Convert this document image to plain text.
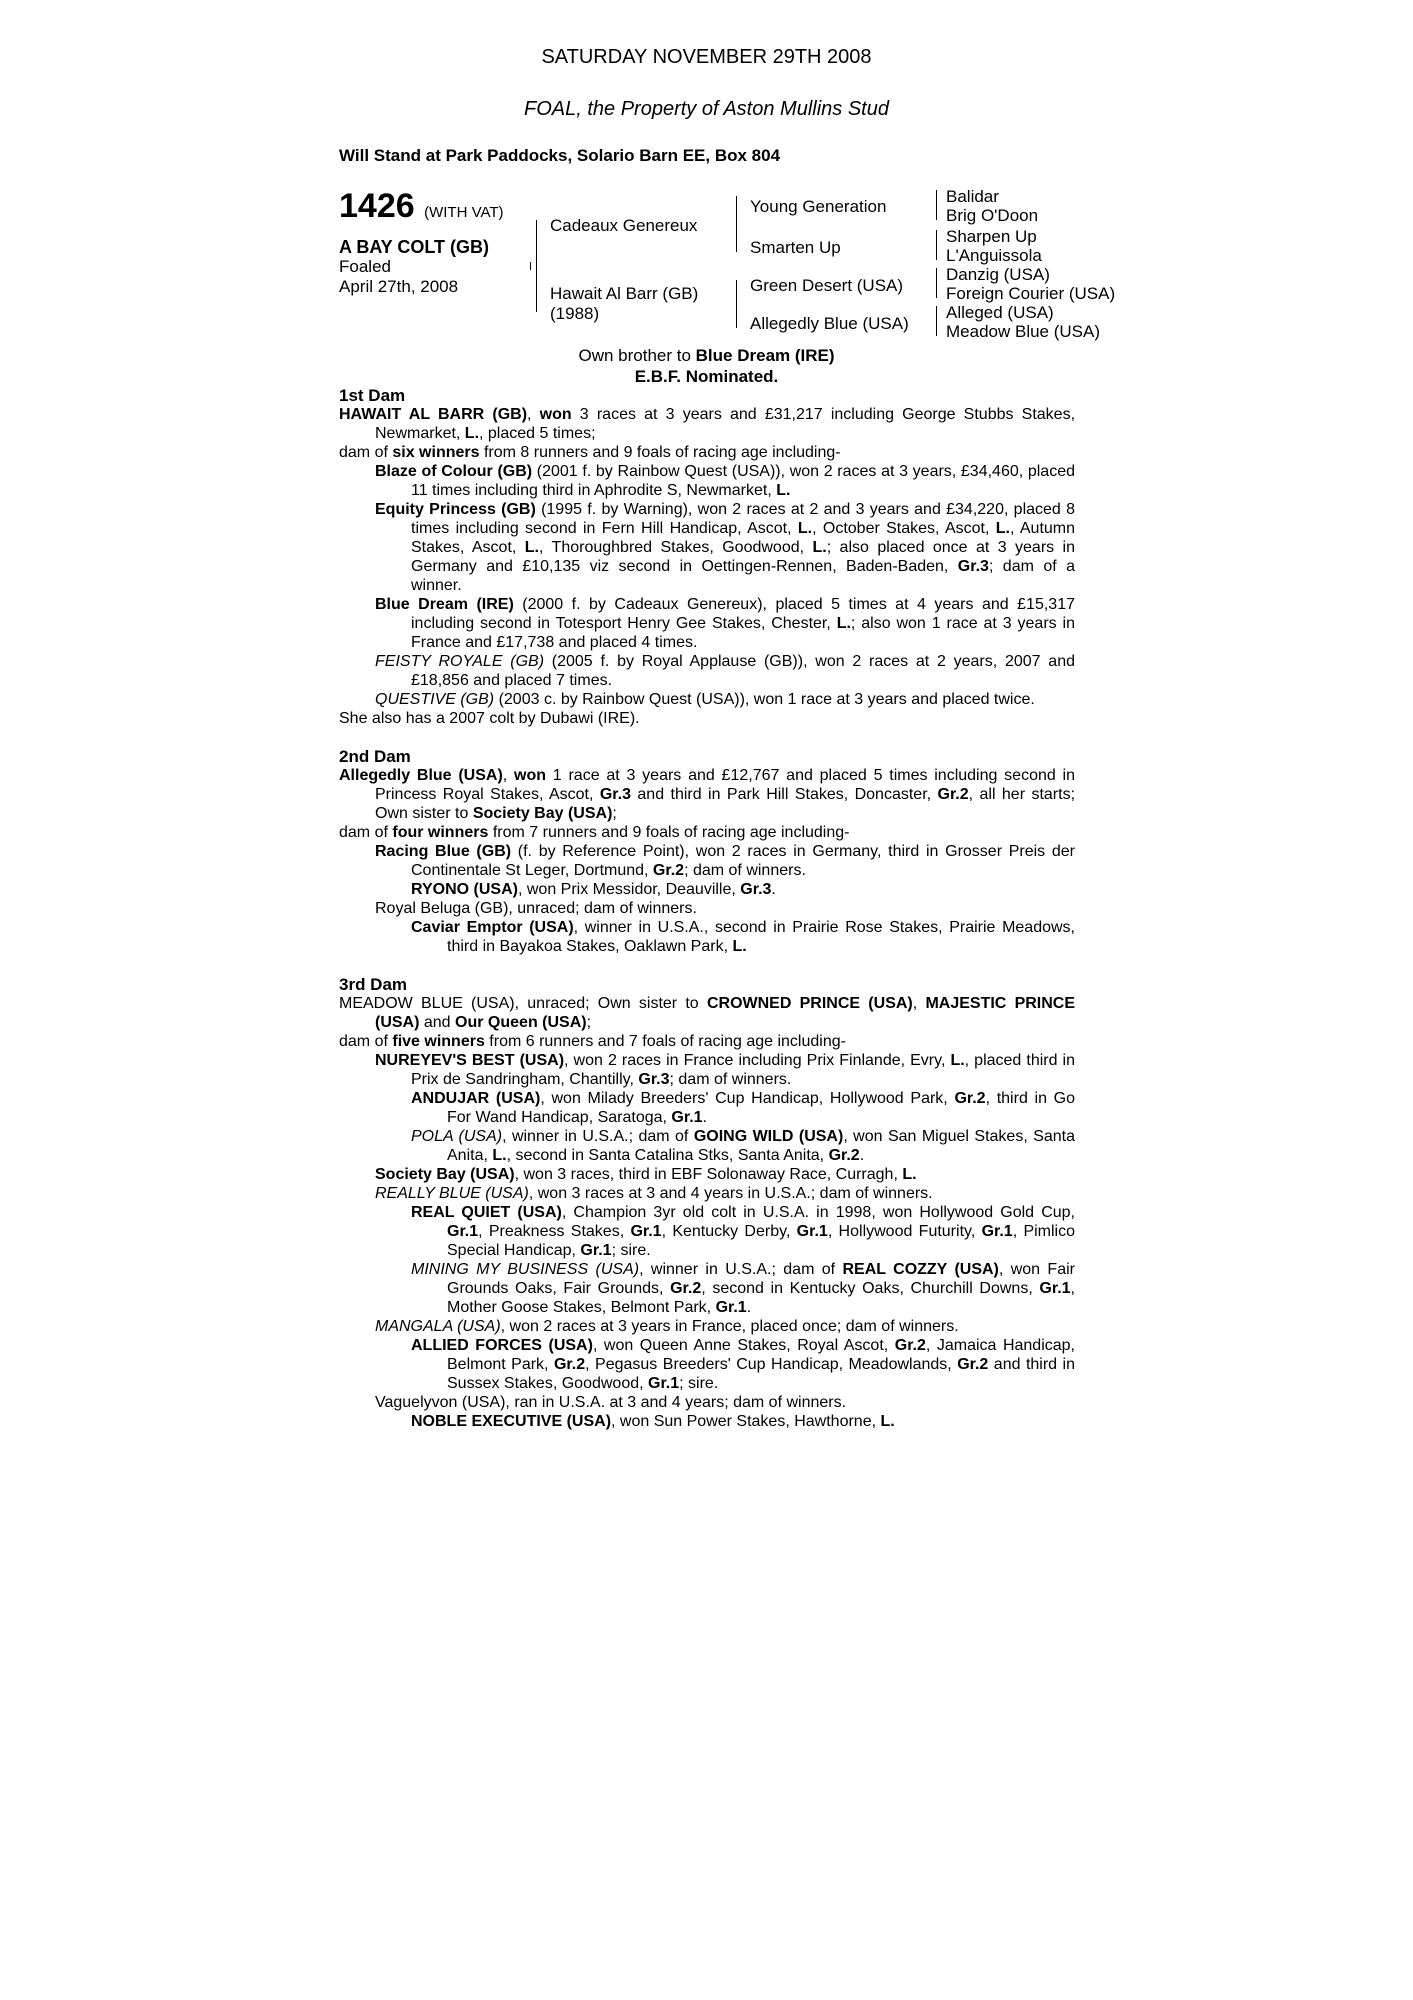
SATURDAY NOVEMBER 29TH 2008
FOAL, the Property of Aston Mullins Stud
Will Stand at Park Paddocks, Solario Barn EE, Box 804
1426 (WITH VAT)
A BAY COLT (GB)
Foaled
April 27th, 2008
Cadeaux Genereux
Hawait Al Barr (GB)
(1988)
Young Generation
Smarten Up
Green Desert (USA)
Allegedly Blue (USA)
Balidar
Brig O'Doon
Sharpen Up
L'Anguissola
Danzig (USA)
Foreign Courier (USA)
Alleged (USA)
Meadow Blue (USA)
Own brother to Blue Dream (IRE)
E.B.F. Nominated.

1st Dam

HAWAIT AL BARR (GB), won 3 races at 3 years and £31,217 including George Stubbs Stakes, Newmarket, L., placed 5 times;

dam of six winners from 8 runners and 9 foals of racing age including-

Blaze of Colour (GB) (2001 f. by Rainbow Quest (USA)), won 2 races at 3 years, £34,460, placed 11 times including third in Aphrodite S, Newmarket, L.

Equity Princess (GB) (1995 f. by Warning), won 2 races at 2 and 3 years and £34,220, placed 8 times including second in Fern Hill Handicap, Ascot, L., October Stakes, Ascot, L., Autumn Stakes, Ascot, L., Thoroughbred Stakes, Goodwood, L.; also placed once at 3 years in Germany and £10,135 viz second in Oettingen-Rennen, Baden-Baden, Gr.3; dam of a winner.

Blue Dream (IRE) (2000 f. by Cadeaux Genereux), placed 5 times at 4 years and £15,317 including second in Totesport Henry Gee Stakes, Chester, L.; also won 1 race at 3 years in France and £17,738 and placed 4 times.

FEISTY ROYALE (GB) (2005 f. by Royal Applause (GB)), won 2 races at 2 years, 2007 and £18,856 and placed 7 times.

QUESTIVE (GB) (2003 c. by Rainbow Quest (USA)), won 1 race at 3 years and placed twice.

She also has a 2007 colt by Dubawi (IRE).

2nd Dam

Allegedly Blue (USA), won 1 race at 3 years and £12,767 and placed 5 times including second in Princess Royal Stakes, Ascot, Gr.3 and third in Park Hill Stakes, Doncaster, Gr.2, all her starts; Own sister to Society Bay (USA);

dam of four winners from 7 runners and 9 foals of racing age including-

Racing Blue (GB) (f. by Reference Point), won 2 races in Germany, third in Grosser Preis der Continentale St Leger, Dortmund, Gr.2; dam of winners.

RYONO (USA), won Prix Messidor, Deauville, Gr.3.

Royal Beluga (GB), unraced; dam of winners.

Caviar Emptor (USA), winner in U.S.A., second in Prairie Rose Stakes, Prairie Meadows, third in Bayakoa Stakes, Oaklawn Park, L.

3rd Dam

MEADOW BLUE (USA), unraced; Own sister to CROWNED PRINCE (USA), MAJESTIC PRINCE (USA) and Our Queen (USA);

dam of five winners from 6 runners and 7 foals of racing age including-

NUREYEV'S BEST (USA), won 2 races in France including Prix Finlande, Evry, L., placed third in Prix de Sandringham, Chantilly, Gr.3; dam of winners.

ANDUJAR (USA), won Milady Breeders' Cup Handicap, Hollywood Park, Gr.2, third in Go For Wand Handicap, Saratoga, Gr.1.

POLA (USA), winner in U.S.A.; dam of GOING WILD (USA), won San Miguel Stakes, Santa Anita, L., second in Santa Catalina Stks, Santa Anita, Gr.2.

Society Bay (USA), won 3 races, third in EBF Solonaway Race, Curragh, L.

REALLY BLUE (USA), won 3 races at 3 and 4 years in U.S.A.; dam of winners.

REAL QUIET (USA), Champion 3yr old colt in U.S.A. in 1998, won Hollywood Gold Cup, Gr.1, Preakness Stakes, Gr.1, Kentucky Derby, Gr.1, Hollywood Futurity, Gr.1, Pimlico Special Handicap, Gr.1; sire.

MINING MY BUSINESS (USA), winner in U.S.A.; dam of REAL COZZY (USA), won Fair Grounds Oaks, Fair Grounds, Gr.2, second in Kentucky Oaks, Churchill Downs, Gr.1, Mother Goose Stakes, Belmont Park, Gr.1.

MANGALA (USA), won 2 races at 3 years in France, placed once; dam of winners.

ALLIED FORCES (USA), won Queen Anne Stakes, Royal Ascot, Gr.2, Jamaica Handicap, Belmont Park, Gr.2, Pegasus Breeders' Cup Handicap, Meadowlands, Gr.2 and third in Sussex Stakes, Goodwood, Gr.1; sire.

Vaguelyvon (USA), ran in U.S.A. at 3 and 4 years; dam of winners.

NOBLE EXECUTIVE (USA), won Sun Power Stakes, Hawthorne, L.
